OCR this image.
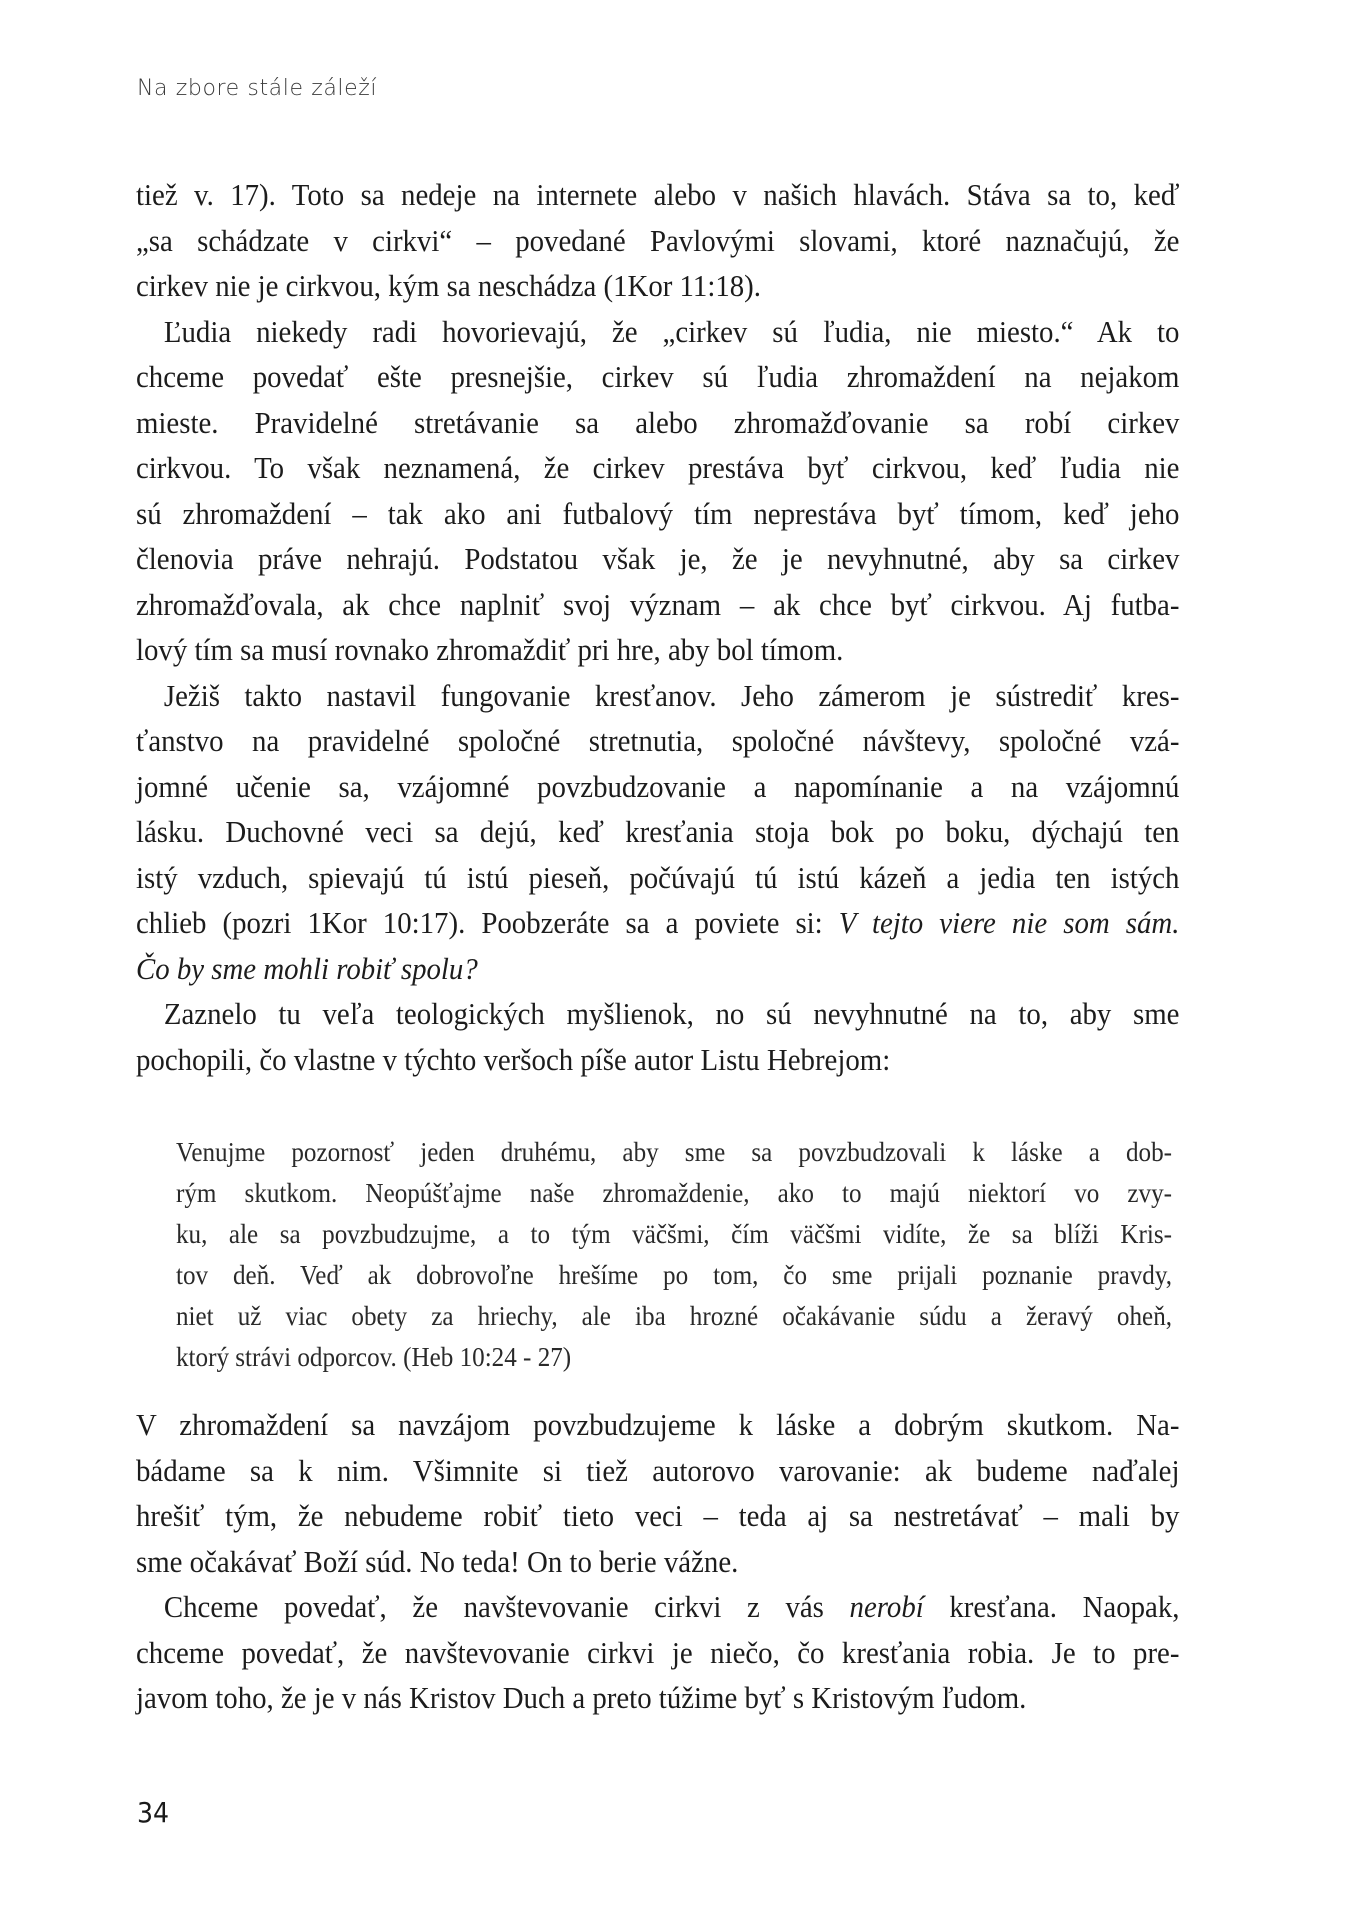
Na zbore stále záleží
tiež v. 17). Toto sa nedeje na internete alebo v našich hlavách. Stáva sa to, keď
„sa schádzate v cirkvi“ – povedané Pavlovými slovami, ktoré naznačujú, že
cirkev nie je cirkvou, kým sa neschádza (1Kor 11:18).
Ľudia niekedy radi hovorievajú, že „cirkev sú ľudia, nie miesto.“ Ak to
chceme povedať ešte presnejšie, cirkev sú ľudia zhromaždení na nejakom
mieste. Pravidelné stretávanie sa alebo zhromažďovanie sa robí cirkev
cirkvou. To však neznamená, že cirkev prestáva byť cirkvou, keď ľudia nie
sú zhromaždení – tak ako ani futbalový tím neprestáva byť tímom, keď jeho
členovia práve nehrajú. Podstatou však je, že je nevyhnutné, aby sa cirkev
zhromažďovala, ak chce naplniť svoj význam – ak chce byť cirkvou. Aj futba-
lový tím sa musí rovnako zhromaždiť pri hre, aby bol tímom.
Ježiš takto nastavil fungovanie kresťanov. Jeho zámerom je sústrediť kres-
ťanstvo na pravidelné spoločné stretnutia, spoločné návštevy, spoločné vzá-
jomné učenie sa, vzájomné povzbudzovanie a napomínanie a na vzájomnú
lásku. Duchovné veci sa dejú, keď kresťania stoja bok po boku, dýchajú ten
istý vzduch, spievajú tú istú pieseň, počúvajú tú istú kázeň a jedia ten istých
chlieb (pozri 1Kor 10:17). Poobzeráte sa a poviete si: V tejto viere nie som sám.
Čo by sme mohli robiť spolu?
Zaznelo tu veľa teologických myšlienok, no sú nevyhnutné na to, aby sme
pochopili, čo vlastne v týchto veršoch píše autor Listu Hebrejom:
Venujme pozornosť jeden druhému, aby sme sa povzbudzovali k láske a dob-
rým skutkom. Neopúšťajme naše zhromaždenie, ako to majú niektorí vo zvy-
ku, ale sa povzbudzujme, a to tým väčšmi, čím väčšmi vidíte, že sa blíži Kris-
tov deň. Veď ak dobrovoľne hrešíme po tom, čo sme prijali poznanie pravdy,
niet už viac obety za hriechy, ale iba hrozné očakávanie súdu a žeravý oheň,
ktorý strávi odporcov. (Heb 10:24 - 27)
V zhromaždení sa navzájom povzbudzujeme k láske a dobrým skutkom. Na-
bádame sa k nim. Všimnite si tiež autorovo varovanie: ak budeme naďalej
hrešiť tým, že nebudeme robiť tieto veci – teda aj sa nestretávať – mali by
sme očakávať Boží súd. No teda! On to berie vážne.
Chceme povedať, že navštevovanie cirkvi z vás nerobí kresťana. Naopak,
chceme povedať, že navštevovanie cirkvi je niečo, čo kresťania robia. Je to pre-
javom toho, že je v nás Kristov Duch a preto túžime byť s Kristovým ľudom.
34
